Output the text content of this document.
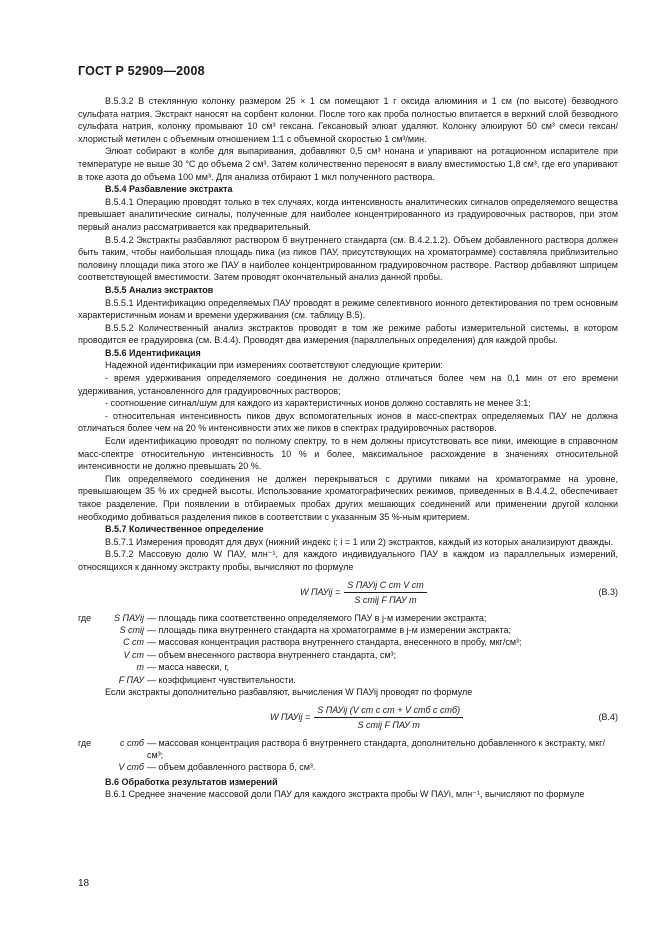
ГОСТ Р 52909—2008

В.5.3.2 В стеклянную колонку размером 25 × 1 см помещают 1 г оксида алюминия и 1 см (по высоте) безводного сульфата натрия. Экстракт наносят на сорбент колонки. После того как проба полностью впитается в верхний слой безводного сульфата натрия, колонку промывают 10 см³ гексана. Гексановый элюат удаляют. Колонку элюируют 50 см³ смеси гексан/хлористый метилен с объемным отношением 1:1 с объемной скоростью 1 см³/мин.

Элюат собирают в колбе для выпаривания, добавляют 0,5 см³ нонана и упаривают на ротационном испарителе при температуре не выше 30 °C до объема 2 см³. Затем количественно переносят в виалу вместимостью 1,8 см³, где его упаривают в токе азота до объема 100 мм³. Для анализа отбирают 1 мкл полученного раствора.

В.5.4 Разбавление экстракта

В.5.4.1 Операцию проводят только в тех случаях, когда интенсивность аналитических сигналов определяемого вещества превышает аналитические сигналы, полученные для наиболее концентрированного из градуировочных растворов, при этом первый анализ рассматривается как предварительный.

В.5.4.2 Экстракты разбавляют раствором б внутреннего стандарта (см. В.4.2.1.2). Объем добавленного раствора должен быть таким, чтобы наибольшая площадь пика (из пиков ПАУ, присутствующих на хроматограмме) составляла приблизительно половину площади пика этого же ПАУ в наиболее концентрированном градуировочном растворе. Раствор добавляют шприцем соответствующей вместимости. Затем проводят окончательный анализ данной пробы.

В.5.5 Анализ экстрактов

В.5.5.1 Идентификацию определяемых ПАУ проводят в режиме селективного ионного детектирования по трем основным характеристичным ионам и времени удерживания (см. таблицу В.5).

В.5.5.2 Количественный анализ экстрактов проводят в том же режиме работы измерительной системы, в котором проводится ее градуировка (см. В.4.4). Проводят два измерения (параллельных определения) для каждой пробы.

В.5.6 Идентификация

Надежной идентификации при измерениях соответствуют следующие критерии:

- время удерживания определяемого соединения не должно отличаться более чем на 0,1 мин от его времени удерживания, установленного для градуировочных растворов;

- соотношение сигнал/шум для каждого из характеристичных ионов должно составлять не менее 3:1;

- относительная интенсивность пиков двух вспомогательных ионов в масс-спектрах определяемых ПАУ не должна отличаться более чем на 20 % интенсивности этих же пиков в спектрах градуировочных растворов.

Если идентификацию проводят по полному спектру, то в нем должны присутствовать все пики, имеющие в справочном масс-спектре относительную интенсивность 10 % и более, максимальное расхождение в значениях относительной интенсивности не должно превышать 20 %.

Пик определяемого соединения не должен перекрываться с другими пиками на хроматограмме на уровне, превышающем 35 % их средней высоты. Использование хроматографических режимов, приведенных в В.4.4.2, обеспечивает такое разделение. При появлении в отбираемых пробах других мешающих соединений или применении другой колонки необходимо добиваться разделения пиков в соответствии с указанным 35 %-ным критерием.

В.5.7 Количественное определение

В.5.7.1 Измерения проводят для двух (нижний индекс i; i = 1 или 2) экстрактов, каждый из которых анализируют дважды.

В.5.7.2 Массовую долю W ПАУ, млн⁻¹, для каждого индивидуального ПАУ в каждом из параллельных измерений, относящихся к данному экстракту пробы, вычисляют по формуле

W ПАУij = $\frac{\text{S ПАУij C ст V ст}}{\text{S стij F ПАУ m}}$	(B.3)
где	S ПАУij — площадь пика соответственно определяемого ПАУ в j-м измерении экстракта;
S стij — площадь пика внутреннего стандарта на хроматограмме в j-м измерении экстракта;
C ст — массовая концентрация раствора внутреннего стандарта, внесенного в пробу, мкг/см³;
V ст — объем внесенного раствора внутреннего стандарта, см³;
m — масса навески, г,
F ПАУ — коэффициент чувствительности.

Если экстракты дополнительно разбавляют, вычисления W ПАУij проводят по формуле

W ПАУij = $\frac{\text{S ПАУij (V ст c ст + V стб c стб)}}{\text{S стij F ПАУ m}}$	(B.4)
где	c стб — массовая концентрация раствора б внутреннего стандарта, дополнительно добавленного к экстракту, мкг/см³;
V стб — объем добавленного раствора б, см³.

В.6 Обработка результатов измерений

В.6.1 Среднее значение массовой доли ПАУ для каждого экстракта пробы W ПАУi, млн⁻¹, вычисляют по формуле

18
